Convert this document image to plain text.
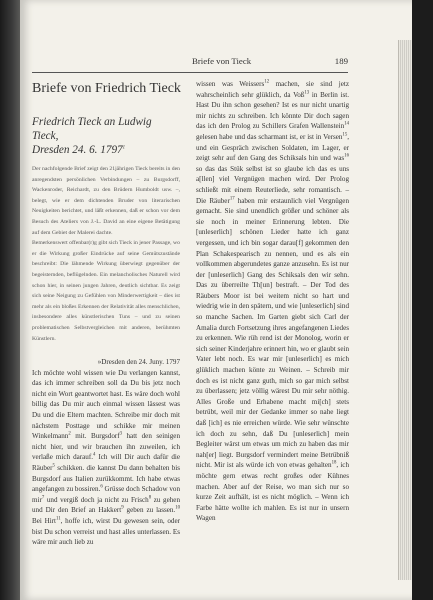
Briefe von Tieck	189
Briefe von Friedrich Tieck
Friedrich Tieck an Ludwig Tieck,
Dresden 24. 6. 1797$^1$

Der nachfolgende Brief zeigt den 21jährigen Tieck bereits in den anregendsten persönlichen Verbindungen – zu Burgsdorff, Wackenroder, Reichardt, zu den Brüdern Humboldt usw. –, belegt, wie er dem dichtenden Bruder von literarischen Neuigkeiten berichtet, und läßt erkennen, daß er schon vor dem Besuch des Ateliers von J.-L. David an eine eigene Betätigung auf dem Gebiet der Malerei dachte.

Bemerkenswert offenbar(r)g gibt sich Tieck in jener Passage, wo er die Wirkung großer Eindrücke auf seine Gemütszustände beschreibt: Die lähmende Wirkung überwiegt gegenüber der begeisternden, beflügelnden. Ein melancholisches Naturell wird schon hier, in seinen jungen Jahren, deutlich sichtbar. Es zeigt sich seine Neigung zu Gefühlen von Minderwertigkeit – dies ist mehr als ein bloßes Erkennen der Relativität alles menschlichen, insbesondere alles künstlerischen Tuns – und zu seinen problematischen Selbstvergleichen mit anderen, berühmten Künstlern.

»Dresden den 24. Juny. 1797

Ich möchte wohl wissen wie Du verlangen kannst, das ich immer schreiben soll da Du bis jetz noch nicht ein Wort geantwortet hast. Es wäre doch wohl billig das Du mir auch einmal wissen lässest was Du und die Eltern machten. Schreibe mir doch mit nächstem Posttage und schikke mir meinen Winkelmann$^2$ mit. Burgsdorf$^3$ hatt den seinigen nicht hier, und wir brauchen ihn zuweilen, ich verlaße mich darauf.$^4$ Ich will Dir auch dafür die Räuber$^5$ schikken. die kannst Du dann behalten bis Burgsdorf aus Italien zurükkommt. Ich habe etwas angefangen zu bossiren.$^6$ Grüsse doch Schadow von mir$^7$ und vergiß doch ja nicht zu Frisch$^8$ zu gehen und Dir den Brief an Hakkert$^9$ geben zu lassen.$^{10}$ Bei Hirt$^{11}$, hoffe ich, wirst Du gewesen sein, oder bist Du schon verreist und hast alles unterlassen. Es wäre mir auch lieb zu

wissen was Weissers$^{12}$ machen, sie sind jetz wahrscheinlich sehr glüklich, da Voß$^{13}$ in Berlin ist. Hast Du ihn schon gesehen? Ist es nur nicht unartig mir nichts zu schreiben. Ich könnte Dir doch sagen das ich den Prolog zu Schillers Grafen Wallenstein$^{14}$ gelesen habe und das scharmant ist, er ist in Versen$^{15}$, und ein Gespräch zwischen Soldaten, im Lager, er zeigt sehr auf den Gang des Schiksals hin und was$^{16}$ so das das Stük selbst ist so glaube ich das es uns a[llen] viel Vergnügen machen wird. Der Prolog schließt mit einem Reuterliede, sehr romantisch. – Die Räuber$^{17}$ haben mir erstaunlich viel Vergnügen gemacht. Sie sind unendlich größer und schöner als sie noch in meiner Erinnerung lebten. Die [unleserlich] schönen Lieder hatte ich ganz vergessen, und ich bin sogar darau[f] gekommen den Plan Schakespearisch zu nennen, und es als ein vollkommen abgerundetes ganze anzusehn. Es ist nur der [unleserlich] Gang des Schiksals den wir sehn. Das zu überreilte Th[un] bestraft. – Der Tod des Räubers Moor ist bei weitem nicht so hart und wiedrig wie in den spätern, und wie [unleserlich] sind so manche Sachen. Im Garten giebt sich Carl der Amalia durch Fortsetzung ihres angefangenen Liedes zu erkennen. Wie rüh rend ist der Monolog, worin er sich seiner Kinderjahre erinnert hin, wo er glaubt sein Vater lebt noch. Es war mir [unleserlich] es mich glüklich machen könte zu Weinen. – Schreib mir doch es ist nicht ganz guth, mich so gar mich selbst zu überlassen; jetz völlig wärest Du mir sehr nöthig. Alles Große und Erhabene macht mi[ch] stets betrübt, weil mir der Gedanke immer so nahe liegt daß [ich] es nie erreichen würde. Wie sehr wünschte ich doch zu sehn, daß Du [unleserlich] mein Begleiter wärst um etwas um mich zu haben das mir nah[er] liegt. Burgsdorf vermindert meine Betrübniß nicht. Mir ist als würde ich von etwas gehalten$^{18}$, ich möchte gern etwas recht großes oder Kühnes machen. Aber auf der Reise, wo man sich nur so kurze Zeit aufhält, ist es nicht möglich. – Wenn ich Farbe hätte wollte ich mahlen. Es ist nur in unsern Wagen
